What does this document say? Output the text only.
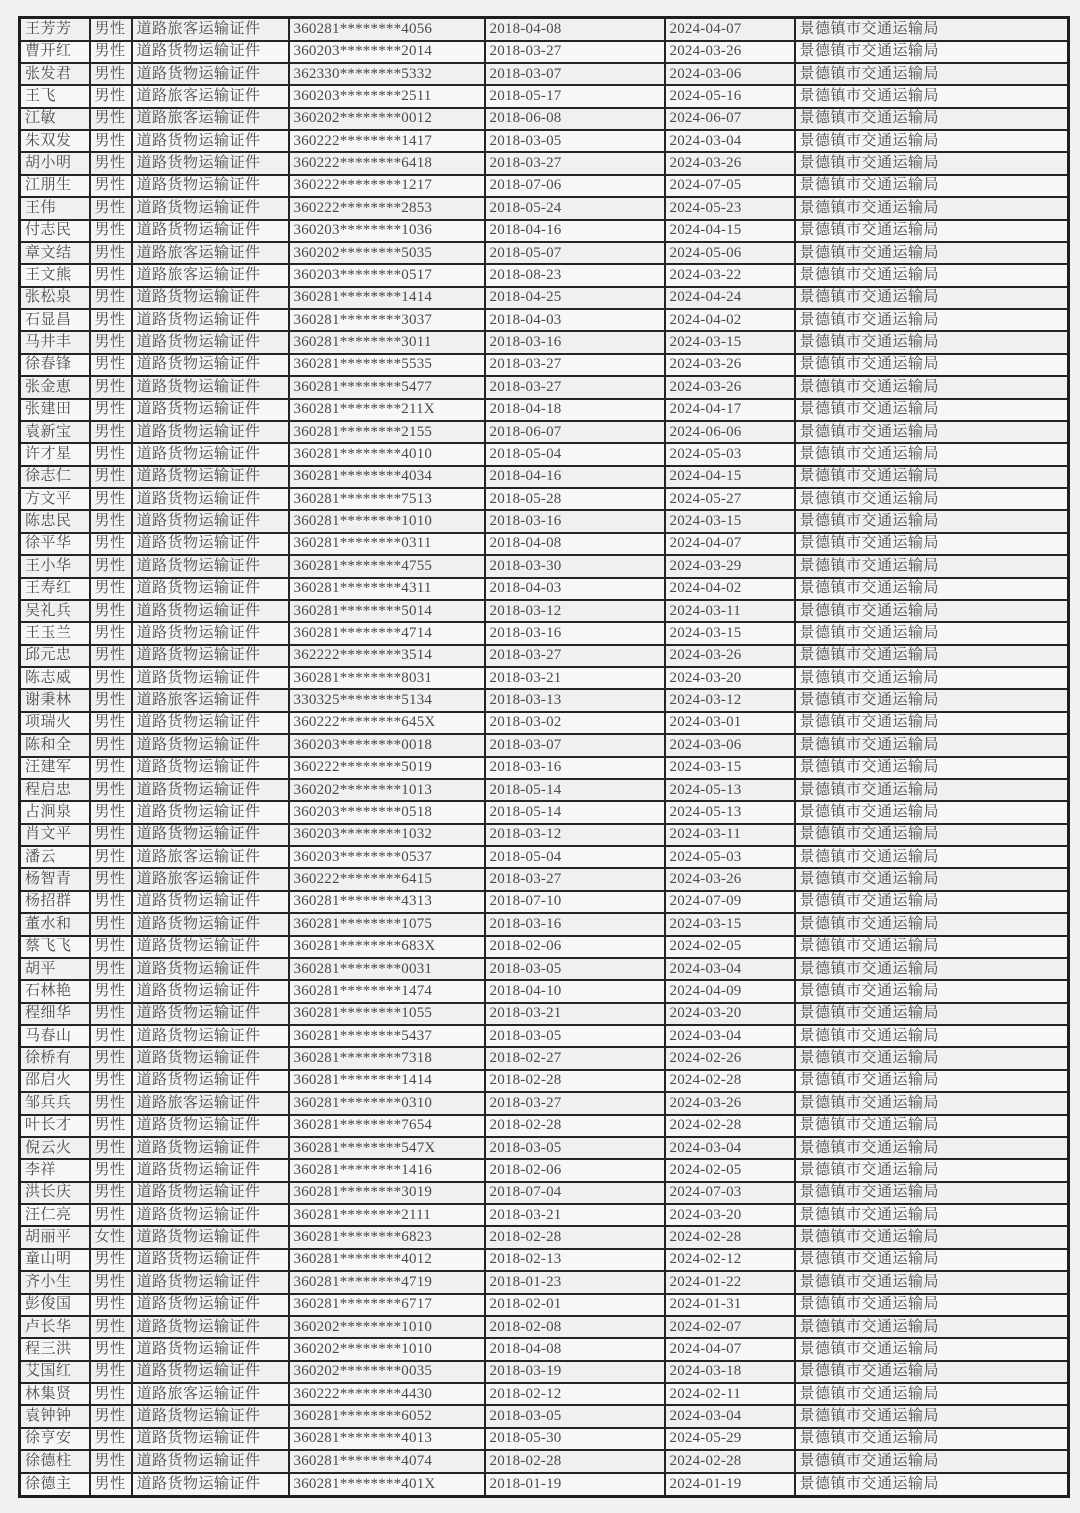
王芳芳	男性	道路旅客运输证件	360281********4056	2018-04-08	2024-04-07	景德镇市交通运输局
曹开红	男性	道路货物运输证件	360203********2014	2018-03-27	2024-03-26	景德镇市交通运输局
张发君	男性	道路货物运输证件	362330********5332	2018-03-07	2024-03-06	景德镇市交通运输局
王飞	男性	道路旅客运输证件	360203********2511	2018-05-17	2024-05-16	景德镇市交通运输局
江敏	男性	道路旅客运输证件	360202********0012	2018-06-08	2024-06-07	景德镇市交通运输局
朱双发	男性	道路货物运输证件	360222********1417	2018-03-05	2024-03-04	景德镇市交通运输局
胡小明	男性	道路货物运输证件	360222********6418	2018-03-27	2024-03-26	景德镇市交通运输局
江朋生	男性	道路货物运输证件	360222********1217	2018-07-06	2024-07-05	景德镇市交通运输局
王伟	男性	道路货物运输证件	360222********2853	2018-05-24	2024-05-23	景德镇市交通运输局
付志民	男性	道路货物运输证件	360203********1036	2018-04-16	2024-04-15	景德镇市交通运输局
章文结	男性	道路旅客运输证件	360202********5035	2018-05-07	2024-05-06	景德镇市交通运输局
王文熊	男性	道路旅客运输证件	360203********0517	2018-08-23	2024-03-22	景德镇市交通运输局
张松泉	男性	道路货物运输证件	360281********1414	2018-04-25	2024-04-24	景德镇市交通运输局
石显昌	男性	道路货物运输证件	360281********3037	2018-04-03	2024-04-02	景德镇市交通运输局
马井丰	男性	道路货物运输证件	360281********3011	2018-03-16	2024-03-15	景德镇市交通运输局
徐春锋	男性	道路货物运输证件	360281********5535	2018-03-27	2024-03-26	景德镇市交通运输局
张金恵	男性	道路货物运输证件	360281********5477	2018-03-27	2024-03-26	景德镇市交通运输局
张建田	男性	道路货物运输证件	360281********211X	2018-04-18	2024-04-17	景德镇市交通运输局
袁新宝	男性	道路货物运输证件	360281********2155	2018-06-07	2024-06-06	景德镇市交通运输局
许才星	男性	道路货物运输证件	360281********4010	2018-05-04	2024-05-03	景德镇市交通运输局
徐志仁	男性	道路货物运输证件	360281********4034	2018-04-16	2024-04-15	景德镇市交通运输局
方文平	男性	道路货物运输证件	360281********7513	2018-05-28	2024-05-27	景德镇市交通运输局
陈忠民	男性	道路货物运输证件	360281********1010	2018-03-16	2024-03-15	景德镇市交通运输局
徐平华	男性	道路货物运输证件	360281********0311	2018-04-08	2024-04-07	景德镇市交通运输局
王小华	男性	道路货物运输证件	360281********4755	2018-03-30	2024-03-29	景德镇市交通运输局
王寿红	男性	道路货物运输证件	360281********4311	2018-04-03	2024-04-02	景德镇市交通运输局
吴礼兵	男性	道路货物运输证件	360281********5014	2018-03-12	2024-03-11	景德镇市交通运输局
王玉兰	男性	道路货物运输证件	360281********4714	2018-03-16	2024-03-15	景德镇市交通运输局
邱元忠	男性	道路货物运输证件	362222********3514	2018-03-27	2024-03-26	景德镇市交通运输局
陈志威	男性	道路货物运输证件	360281********8031	2018-03-21	2024-03-20	景德镇市交通运输局
谢秉林	男性	道路旅客运输证件	330325********5134	2018-03-13	2024-03-12	景德镇市交通运输局
项瑞火	男性	道路货物运输证件	360222********645X	2018-03-02	2024-03-01	景德镇市交通运输局
陈和全	男性	道路货物运输证件	360203********0018	2018-03-07	2024-03-06	景德镇市交通运输局
汪建军	男性	道路货物运输证件	360222********5019	2018-03-16	2024-03-15	景德镇市交通运输局
程启忠	男性	道路货物运输证件	360202********1013	2018-05-14	2024-05-13	景德镇市交通运输局
占涧泉	男性	道路货物运输证件	360203********0518	2018-05-14	2024-05-13	景德镇市交通运输局
肖文平	男性	道路货物运输证件	360203********1032	2018-03-12	2024-03-11	景德镇市交通运输局
潘云	男性	道路旅客运输证件	360203********0537	2018-05-04	2024-05-03	景德镇市交通运输局
杨智青	男性	道路旅客运输证件	360222********6415	2018-03-27	2024-03-26	景德镇市交通运输局
杨招群	男性	道路货物运输证件	360281********4313	2018-07-10	2024-07-09	景德镇市交通运输局
董水和	男性	道路货物运输证件	360281********1075	2018-03-16	2024-03-15	景德镇市交通运输局
蔡飞飞	男性	道路货物运输证件	360281********683X	2018-02-06	2024-02-05	景德镇市交通运输局
胡平	男性	道路货物运输证件	360281********0031	2018-03-05	2024-03-04	景德镇市交通运输局
石林艳	男性	道路货物运输证件	360281********1474	2018-04-10	2024-04-09	景德镇市交通运输局
程细华	男性	道路货物运输证件	360281********1055	2018-03-21	2024-03-20	景德镇市交通运输局
马春山	男性	道路货物运输证件	360281********5437	2018-03-05	2024-03-04	景德镇市交通运输局
徐桥有	男性	道路货物运输证件	360281********7318	2018-02-27	2024-02-26	景德镇市交通运输局
邵启火	男性	道路货物运输证件	360281********1414	2018-02-28	2024-02-28	景德镇市交通运输局
邹兵兵	男性	道路旅客运输证件	360281********0310	2018-03-27	2024-03-26	景德镇市交通运输局
叶长才	男性	道路货物运输证件	360281********7654	2018-02-28	2024-02-28	景德镇市交通运输局
倪云火	男性	道路货物运输证件	360281********547X	2018-03-05	2024-03-04	景德镇市交通运输局
李祥	男性	道路货物运输证件	360281********1416	2018-02-06	2024-02-05	景德镇市交通运输局
洪长庆	男性	道路货物运输证件	360281********3019	2018-07-04	2024-07-03	景德镇市交通运输局
汪仁亮	男性	道路货物运输证件	360281********2111	2018-03-21	2024-03-20	景德镇市交通运输局
胡丽平	女性	道路货物运输证件	360281********6823	2018-02-28	2024-02-28	景德镇市交通运输局
童山明	男性	道路货物运输证件	360281********4012	2018-02-13	2024-02-12	景德镇市交通运输局
齐小生	男性	道路货物运输证件	360281********4719	2018-01-23	2024-01-22	景德镇市交通运输局
彭俊国	男性	道路货物运输证件	360281********6717	2018-02-01	2024-01-31	景德镇市交通运输局
卢长华	男性	道路货物运输证件	360202********1010	2018-02-08	2024-02-07	景德镇市交通运输局
程三洪	男性	道路货物运输证件	360202********1010	2018-04-08	2024-04-07	景德镇市交通运输局
艾国红	男性	道路货物运输证件	360202********0035	2018-03-19	2024-03-18	景德镇市交通运输局
林集贤	男性	道路旅客运输证件	360222********4430	2018-02-12	2024-02-11	景德镇市交通运输局
袁钟钟	男性	道路货物运输证件	360281********6052	2018-03-05	2024-03-04	景德镇市交通运输局
徐亨安	男性	道路货物运输证件	360281********4013	2018-05-30	2024-05-29	景德镇市交通运输局
徐德柱	男性	道路货物运输证件	360281********4074	2018-02-28	2024-02-28	景德镇市交通运输局
徐德主	男性	道路货物运输证件	360281********401X	2018-01-19	2024-01-19	景德镇市交通运输局
